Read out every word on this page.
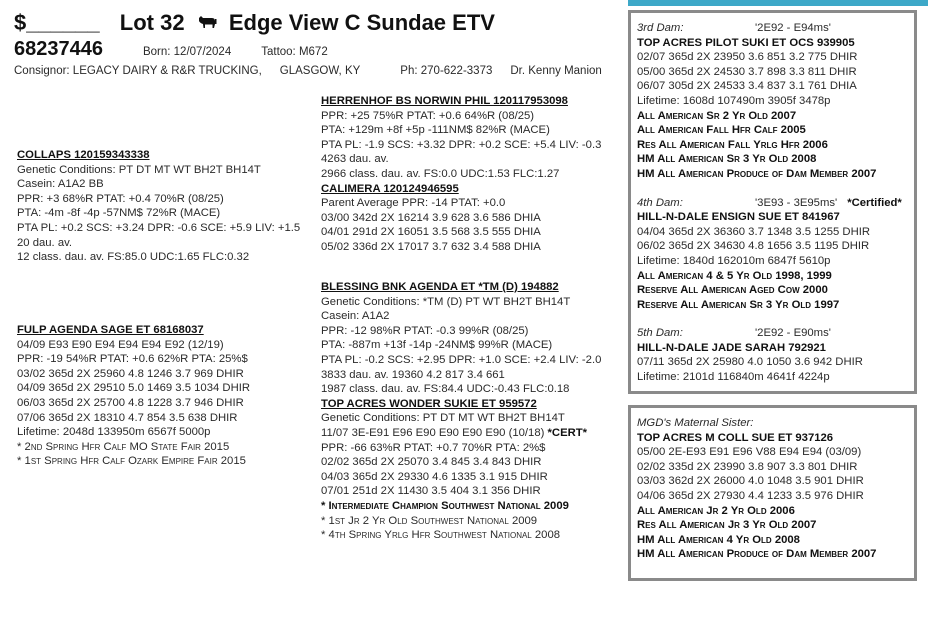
$______ Lot 32 Edge View C Sundae ETV
68237446	Born: 12/07/2024	Tattoo: M672
Consignor: LEGACY DAIRY & R&R TRUCKING, GLASGOW, KY	Ph: 270-622-3373 Dr. Kenny Manion
COLLAPS 120159343338
Genetic Conditions: PT DT MT WT BH2T BH14T
Casein: A1A2 BB
PPR: +3 68%R PTAT: +0.4 70%R (08/25)
PTA: -4m -8f -4p -57NM$ 72%R (MACE)
PTA PL: +0.2 SCS: +3.24 DPR: -0.6 SCE: +5.9 LIV: +1.5
20 dau. av.
12 class. dau. av. FS:85.0 UDC:1.65 FLC:0.32
FULP AGENDA SAGE ET 68168037
04/09 E93 E90 E94 E94 E94 E92 (12/19)
PPR: -19 54%R PTAT: +0.6 62%R PTA: 25%$
03/02 365d 2X 25960 4.8 1246 3.7 969 DHIR
04/09 365d 2X 29510 5.0 1469 3.5 1034 DHIR
06/03 365d 2X 25700 4.8 1228 3.7 946 DHIR
07/06 365d 2X 18310 4.7 854 3.5 638 DHIR
Lifetime: 2048d 133950m 6567f 5000p
* 2nd Spring Hfr Calf MO State Fair 2015
* 1st Spring Hfr Calf Ozark Empire Fair 2015
HERRENHOF BS NORWIN PHIL 120117953098
PPR: +25 75%R PTAT: +0.6 64%R (08/25)
PTA: +129m +8f +5p -111NM$ 82%R (MACE)
PTA PL: -1.9 SCS: +3.32 DPR: +0.2 SCE: +5.4 LIV: -0.3
4263 dau. av.
2966 class. dau. av. FS:0.0 UDC:1.53 FLC:1.27
CALIMERA 120124946595
Parent Average PPR: -14 PTAT: +0.0
03/00 342d 2X 16214 3.9 628 3.6 586 DHIA
04/01 291d 2X 16051 3.5 568 3.5 555 DHIA
05/02 336d 2X 17017 3.7 632 3.4 588 DHIA
BLESSING BNK AGENDA ET *TM (D) 194882
Genetic Conditions: *TM (D) PT WT BH2T BH14T
Casein: A1A2
PPR: -12 98%R PTAT: -0.3 99%R (08/25)
PTA: -887m +13f -14p -24NM$ 99%R (MACE)
PTA PL: -0.2 SCS: +2.95 DPR: +1.0 SCE: +2.4 LIV: -2.0
3833 dau. av. 19360 4.2 817 3.4 661
1987 class. dau. av. FS:84.4 UDC:-0.43 FLC:0.18
TOP ACRES WONDER SUKIE ET 959572
Genetic Conditions: PT DT MT WT BH2T BH14T
11/07 3E-E91 E96 E90 E90 E90 E90 (10/18) *CERT*
PPR: -66 63%R PTAT: +0.7 70%R PTA: 2%$
02/02 365d 2X 25070 3.4 845 3.4 843 DHIR
04/03 365d 2X 29330 4.6 1335 3.1 915 DHIR
07/01 251d 2X 11430 3.5 404 3.1 356 DHIR
* Intermediate Champion Southwest National 2009
* 1st Jr 2 Yr Old Southwest National 2009
* 4th Spring Yrlg Hfr Southwest National 2008
3rd Dam:	'2E92 - E94ms'
TOP ACRES PILOT SUKI ET OCS 939905
02/07 365d 2X 23950 3.6 851 3.2 775 DHIR
05/00 365d 2X 24530 3.7 898 3.3 811 DHIR
06/07 305d 2X 24533 3.4 837 3.1 761 DHIA
Lifetime: 1608d 107490m 3905f 3478p
All American Sr 2 Yr Old 2007
All American Fall Hfr Calf 2005
Res All American Fall Yrlg Hfr 2006
HM All American Sr 3 Yr Old 2008
HM All American Produce of Dam Member 2007
4th Dam:	'3E93 - 3E95ms' *Certified*
HILL-N-DALE ENSIGN SUE ET 841967
04/04 365d 2X 36360 3.7 1348 3.5 1255 DHIR
06/02 365d 2X 34630 4.8 1656 3.5 1195 DHIR
Lifetime: 1840d 162010m 6847f 5610p
All American 4 & 5 Yr Old 1998, 1999
Reserve All American Aged Cow 2000
Reserve All American Sr 3 Yr Old 1997
5th Dam:	'2E92 - E90ms'
HILL-N-DALE JADE SARAH 792921
07/11 365d 2X 25980 4.0 1050 3.6 942 DHIR
Lifetime: 2101d 116840m 4641f 4224p
MGD's Maternal Sister:
TOP ACRES M COLL SUE ET 937126
05/00 2E-E93 E91 E96 V88 E94 E94 (03/09)
02/02 335d 2X 23990 3.8 907 3.3 801 DHIR
03/03 362d 2X 26000 4.0 1048 3.5 901 DHIR
04/06 365d 2X 27930 4.4 1233 3.5 976 DHIR
All American Jr 2 Yr Old 2006
Res All American Jr 3 Yr Old 2007
HM All American 4 Yr Old 2008
HM All American Produce of Dam Member 2007
